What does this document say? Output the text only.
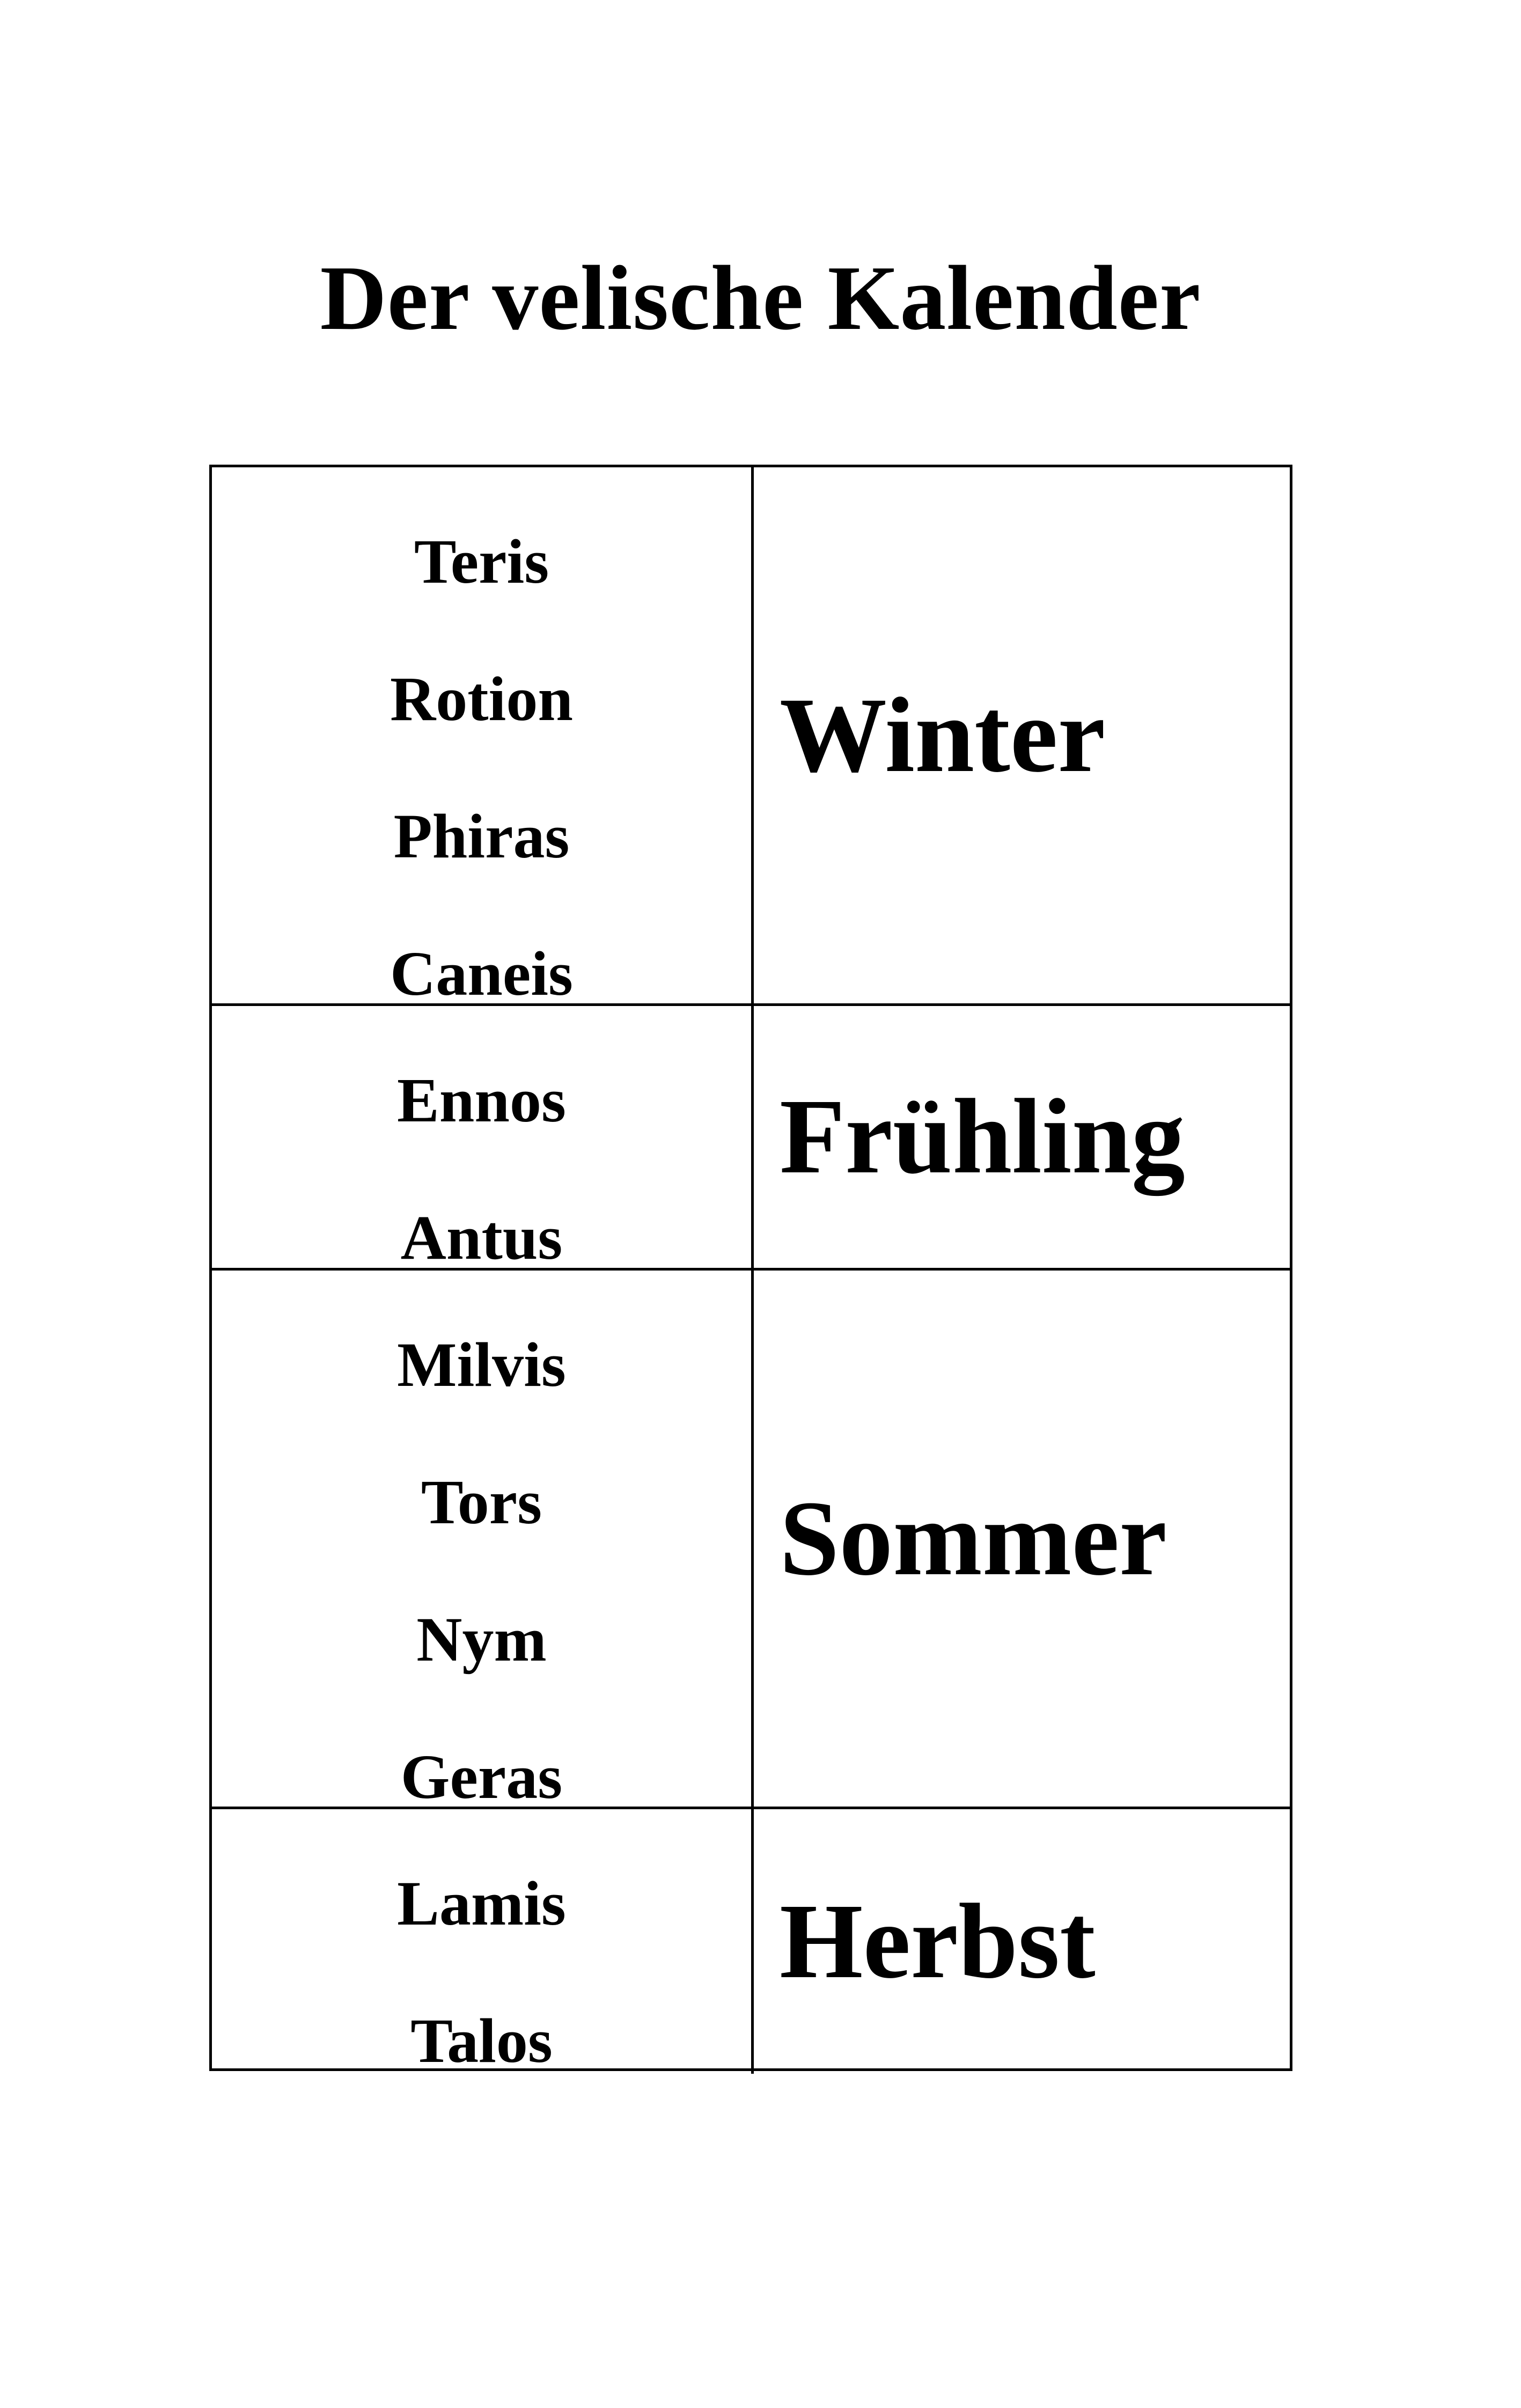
Der velische Kalender
Teris
Rotion
Phiras
Caneis
Winter
Ennos
Antus
Frühling
Milvis
Tors
Nym
Geras
Sommer
Lamis
Talos
Herbst
